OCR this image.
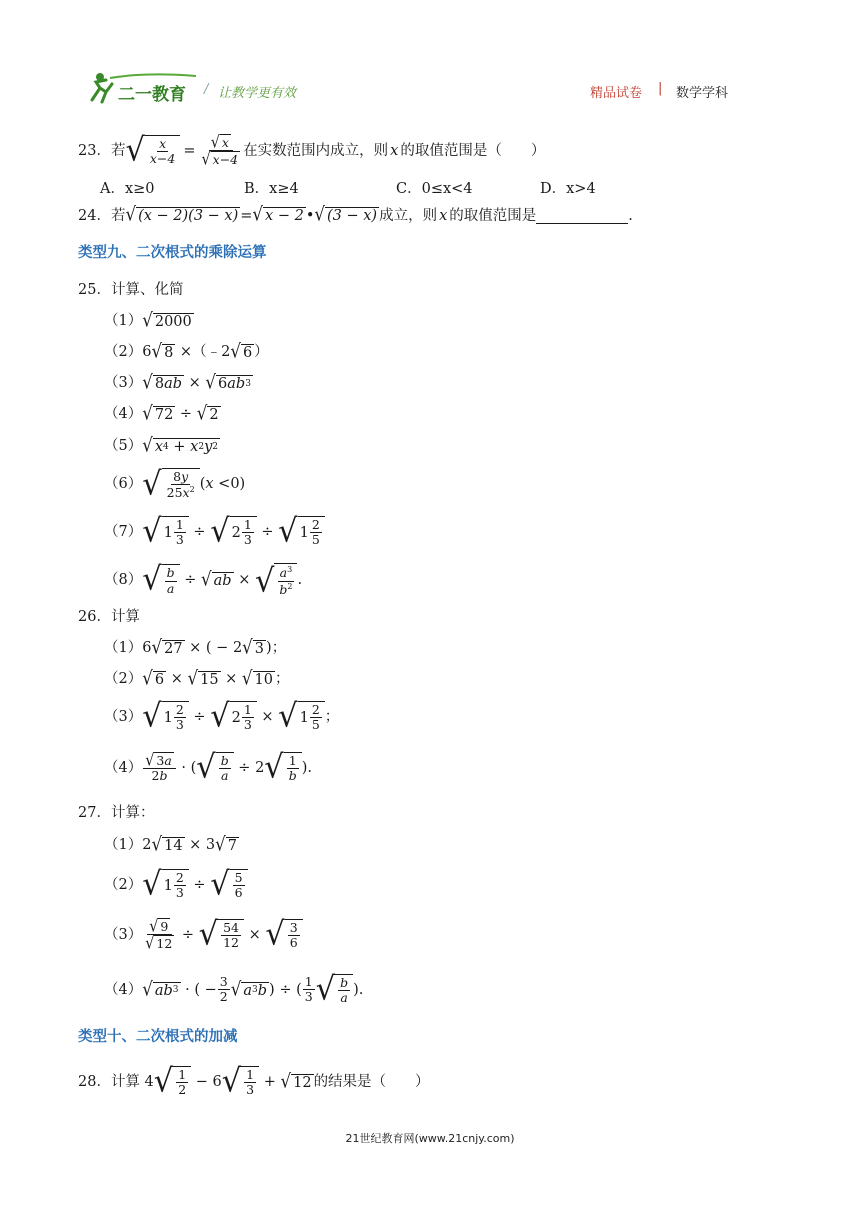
二一教育 / 让教学更有效	精品试卷 | 数学学科
23．若 √ $\frac{x}{x-4} = \frac{√ x}{√ x-4}$ 在实数范围内成立，则 x 的取值范围是（　　）
A．x≥0	B．x≥4	C．0≤x<4	D．x>4
24．若 √ (x − 2)(3 − x) = √ x − 2 • √ (3 − x) 成立，则 x 的取值范围是	.
类型九、二次根式的乘除运算
25．计算、化简
（1） √ 2000
（2） 6 √ 8 ×（﹣2 √ 6 ）
（3） √ 8 ab × √ 6 ab 3
（4） √ 72 ÷ √ 2
（5） √ x 4 + x 2 y 2
（6） √ $\frac{8y}{25x^2}$ ( x <0)
（7） √ $1 \frac{1}{3}$ ÷ √ $2 \frac{1}{3}$ ÷ √ $1 \frac{2}{5}$
（8） √ $\frac{b}{a}$ ÷ √ ab × √ $\frac{a^3}{b^2}$ .
26．计算
（1） 6 √ 27 × ( − 2 √ 3 )；
（2） √ 6 × √ 15 × √ 10 ；
（3） √ $1 \frac{2}{3}$ ÷ √ $2 \frac{1}{3}$ × √ $1 \frac{2}{5}$ ；
$(4) \frac{√ 3 a}{2b}$ · ( √ $\frac{b}{a} \div 2$ √ $\frac{1}{b}$ ).
27．计算：
（1） 2 √ 14 × 3 √ 7
（2） √ $1 \frac{2}{3}$ ÷ √ $\frac{5}{6}$
$(3) \frac{√ 9}{√ 12}$ ÷ √ $\frac{54}{12}$ × √ $\frac{3}{6}$
（4） √ ab 3 · ( − $\frac{3}{2}$ √ a 3 b ) ÷ ( $\frac{1}{3}$ √ $\frac{b}{a}$ ).
类型十、二次根式的加减
28．计算 4 √ $\frac{1}{2} - 6$ √ $\frac{1}{3}$ + √ 12 的结果是（　　）
21世纪教育网(www.21cnjy.com)
